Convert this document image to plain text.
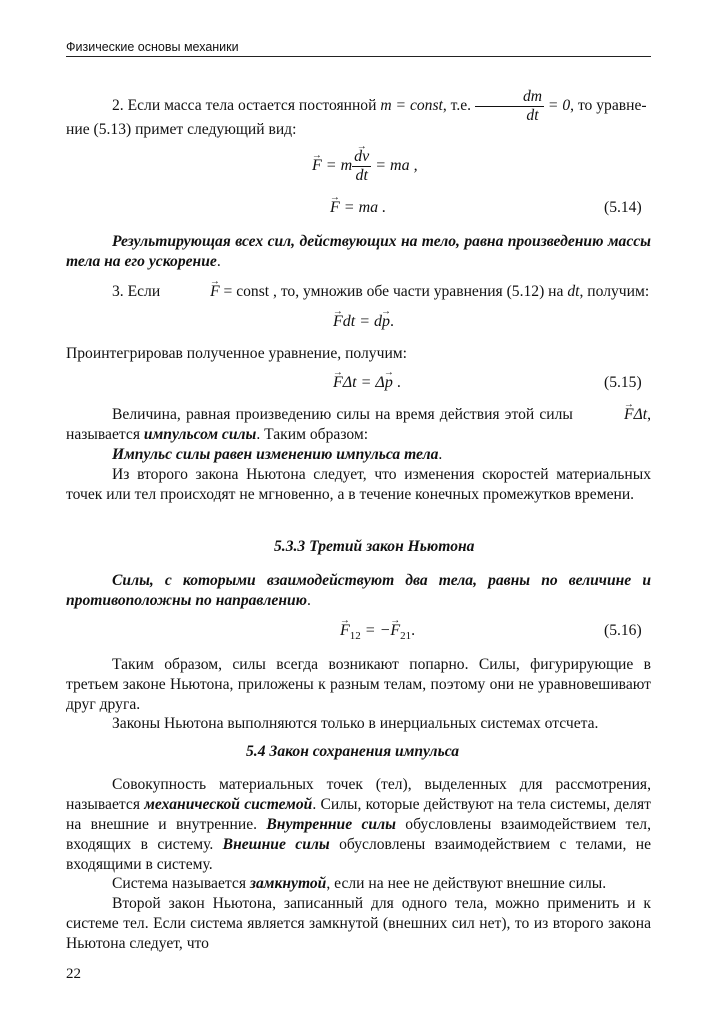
Физические основы механики
2. Если масса тела остается постоянной m = const, т.е. $\frac{dm}{dt} = 0$, то уравне-
ние (5.13) примет следующий вид:
→ F = m
→ $\frac{dv}{dt}$ = ma ,
→ F = ma .	(5.14)
Результирующая всех сил, действующих на тело, равна произведению массы тела на его ускорение.
3. Если →	F = const , то, умножив обе части уравнения (5.12) на dt, получим:
→ Fdt = d→ p.
Проинтегрировав полученное уравнение, получим:
→ FΔt = Δ→ p .	(5.15)
Величина, равная произведению силы на время действия этой силы →	FΔt, называется импульсом силы. Таким образом:
Импульс силы равен изменению импульса тела.
Из второго закона Ньютона следует, что изменения скоростей материальных точек или тел происходят не мгновенно, а в течение конечных промежутков времени.
5.3.3 Третий закон Ньютона
Силы, с которыми взаимодействуют два тела, равны по величине и противоположны по направлению.
→ $F_{12}$ = −→ $F_{21}$.	(5.16)
Таким образом, силы всегда возникают попарно. Силы, фигурирующие в третьем законе Ньютона, приложены к разным телам, поэтому они не уравновешивают друг друга.
Законы Ньютона выполняются только в инерциальных системах отсчета.
5.4 Закон сохранения импульса
Совокупность материальных точек (тел), выделенных для рассмотрения, называется механической системой. Силы, которые действуют на тела системы, делят на внешние и внутренние. Внутренние силы обусловлены взаимодействием тел, входящих в систему. Внешние силы обусловлены взаимодействием с телами, не входящими в систему.
Система называется замкнутой, если на нее не действуют внешние силы.
Второй закон Ньютона, записанный для одного тела, можно применить и к системе тел. Если система является замкнутой (внешних сил нет), то из второго закона Ньютона следует, что
22
